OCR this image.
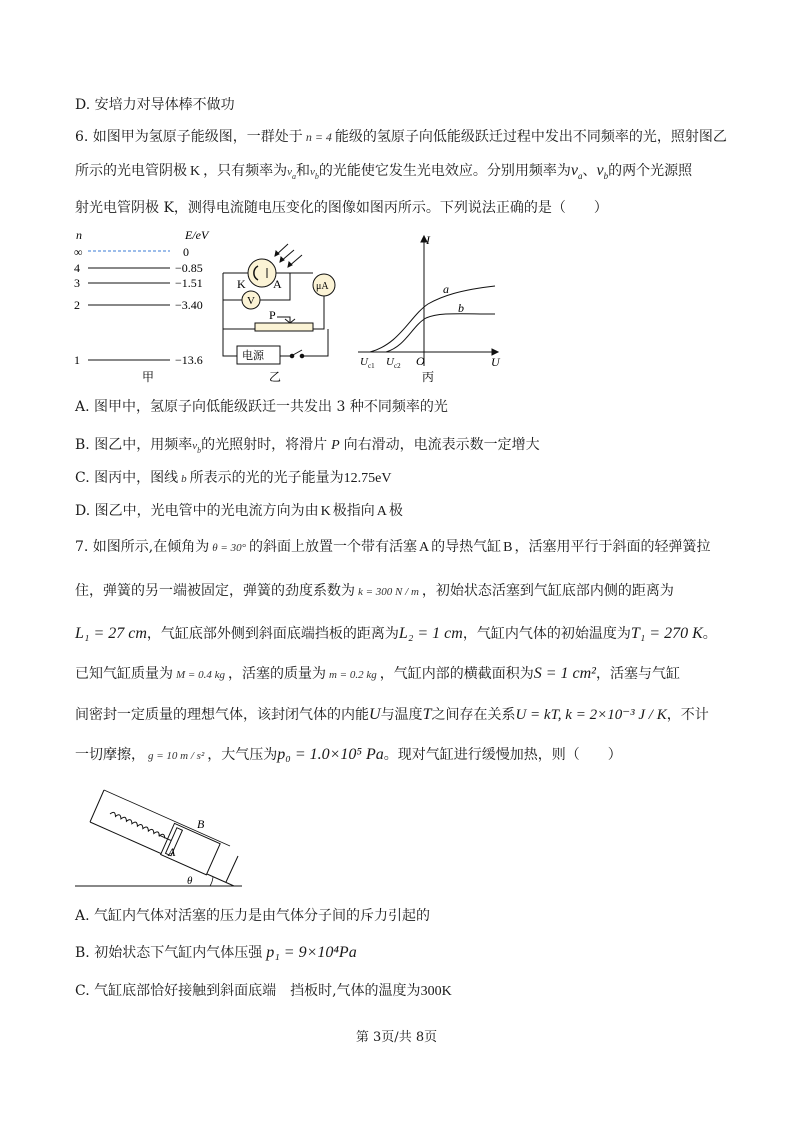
D. 安培力对导体棒不做功
6. 如图甲为氢原子能级图，一群处于 n = 4 能级的氢原子向低能级跃迁过程中发出不同频率的光，照射图乙
所示的光电管阴极 K ，只有频率为$\nu_a$和$\nu_b$的光能使它发生光电效应。分别用频率为$\nu_a$、$\nu_b$的两个光源照
射光电管阴极 K，测得电流随电压变化的图像如图丙所示。下列说法正确的是（　　）
n	E/eV
∞	0
4	−0.85
3	−1.51
2	−3.40
1	−13.6
甲
K A
V
μA
P
电源
乙
I
U
O
a
b
U c1 U c2
丙
A. 图甲中，氢原子向低能级跃迁一共发出 3 种不同频率的光
B. 图乙中，用频率$\nu_b$的光照射时，将滑片 P 向右滑动，电流表示数一定增大
C. 图丙中，图线 b 所表示的光的光子能量为12.75eV
D. 图乙中，光电管中的光电流方向为由 K 极指向 A 极
7. 如图所示,在倾角为 θ = 30° 的斜面上放置一个带有活塞 A 的导热气缸 B ，活塞用平行于斜面的轻弹簧拉
住，弹簧的另一端被固定，弹簧的劲度系数为 k = 300 N / m ，初始状态活塞到气缸底部内侧的距离为
L₁ = 27 cm，气缸底部外侧到斜面底端挡板的距离为L₂ = 1 cm，气缸内气体的初始温度为T₁ = 270 K。
已知气缸质量为 M = 0.4 kg ，活塞的质量为 m = 0.2 kg ，气缸内部的横截面积为S = 1 cm²，活塞与气缸
间密封一定质量的理想气体，该封闭气体的内能U与温度T之间存在关系U = kT, k = 2×10⁻³ J / K，不计
一切摩擦， g = 10 m / s² ，大气压为p₀ = 1.0×10⁵ Pa。现对气缸进行缓慢加热，则（　　）
B
A
θ
A. 气缸内气体对活塞的压力是由气体分子间的斥力引起的
B. 初始状态下气缸内气体压强 p₁ = 9×10⁴Pa
C. 气缸底部恰好接触到斜面底端　挡板时,气体的温度为300K
第 3页/共 8页
